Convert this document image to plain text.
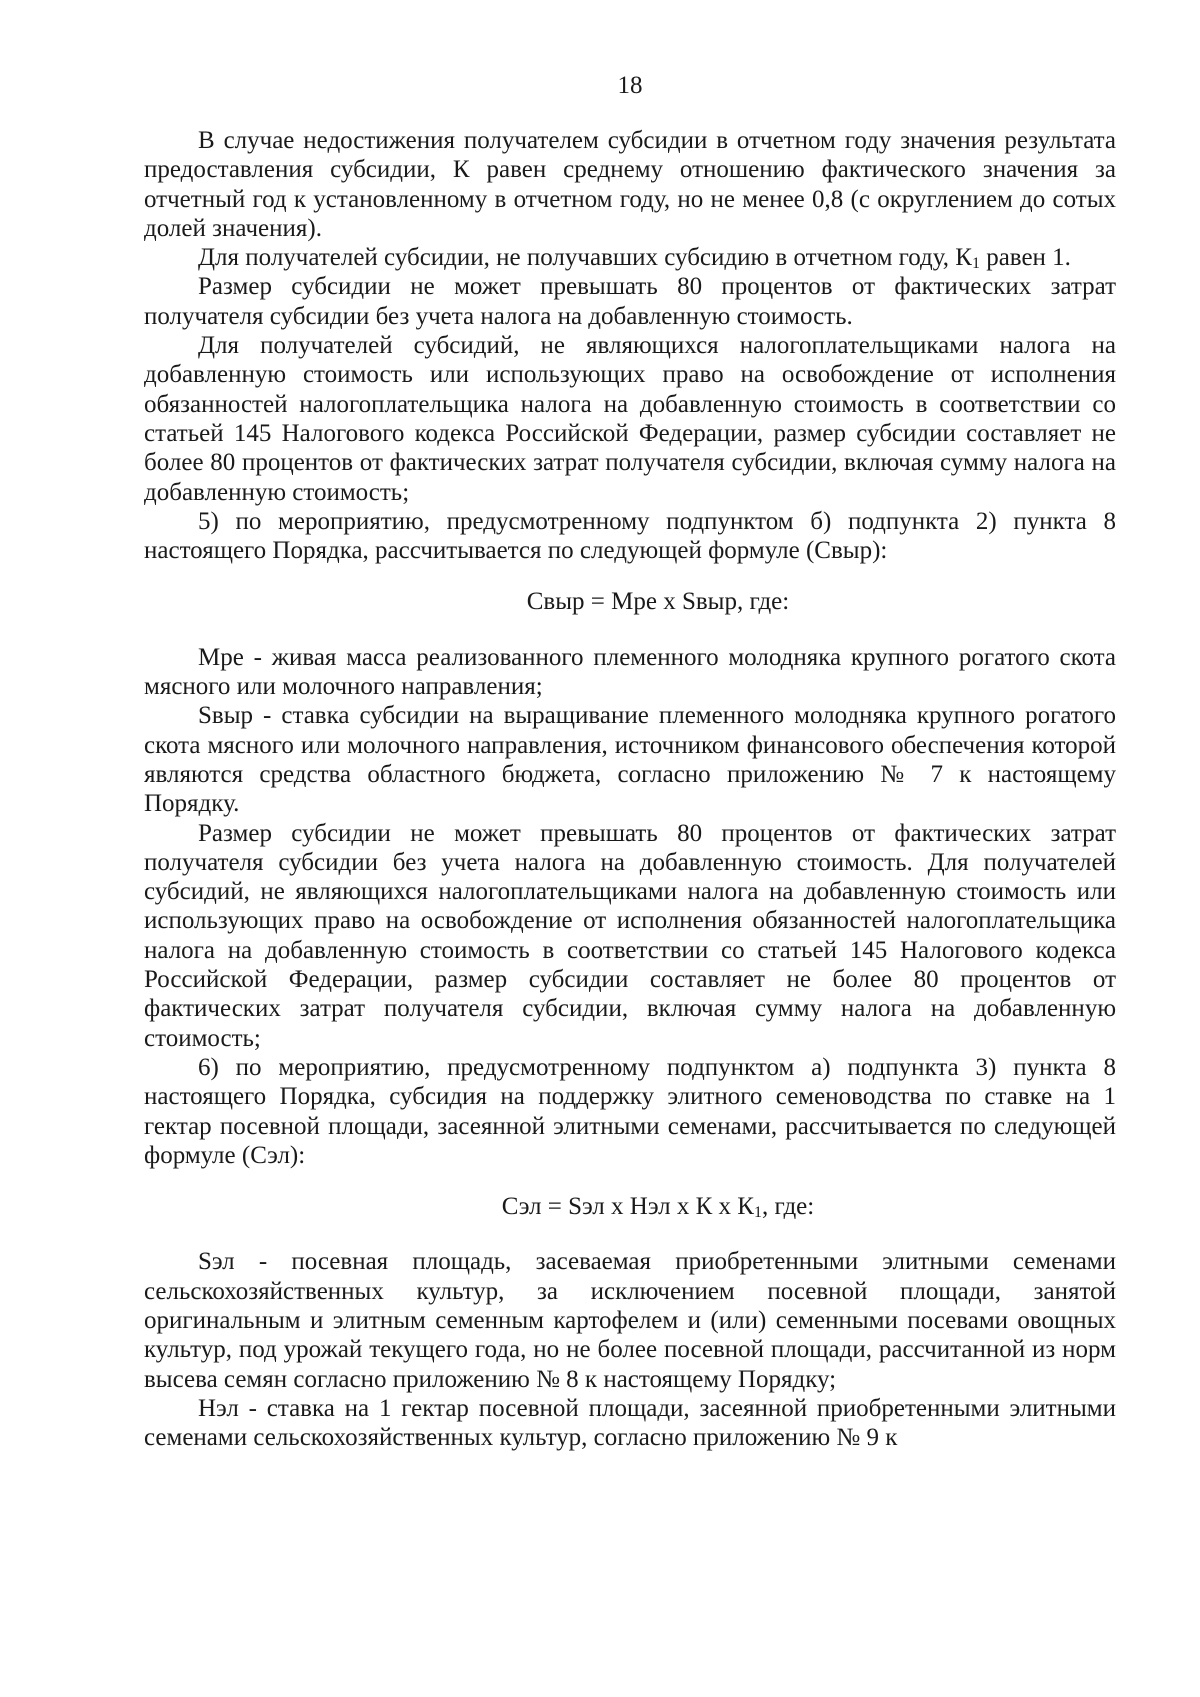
18

В случае недостижения получателем субсидии в отчетном году значения результата предоставления субсидии, К равен среднему отношению фактического значения за отчетный год к установленному в отчетном году, но не менее 0,8 (с округлением до сотых долей значения).

Для получателей субсидии, не получавших субсидию в отчетном году, $К_1$ равен 1.

Размер субсидии не может превышать 80 процентов от фактических затрат получателя субсидии без учета налога на добавленную стоимость.

Для получателей субсидий, не являющихся налогоплательщиками налога на добавленную стоимость или использующих право на освобождение от исполнения обязанностей налогоплательщика налога на добавленную стоимость в соответствии со статьей 145 Налогового кодекса Российской Федерации, размер субсидии составляет не более 80 процентов от фактических затрат получателя субсидии, включая сумму налога на добавленную стоимость;

5) по мероприятию, предусмотренному подпунктом б) подпункта 2) пункта 8 настоящего Порядка, рассчитывается по следующей формуле (Свыр):

Свыр = Мре x Sвыр, где:

Мре - живая масса реализованного племенного молодняка крупного рогатого скота мясного или молочного направления;

Sвыр - ставка субсидии на выращивание племенного молодняка крупного рогатого скота мясного или молочного направления, источником финансового обеспечения которой являются средства областного бюджета, согласно приложению № 7 к настоящему Порядку.

Размер субсидии не может превышать 80 процентов от фактических затрат получателя субсидии без учета налога на добавленную стоимость. Для получателей субсидий, не являющихся налогоплательщиками налога на добавленную стоимость или использующих право на освобождение от исполнения обязанностей налогоплательщика налога на добавленную стоимость в соответствии со статьей 145 Налогового кодекса Российской Федерации, размер субсидии составляет не более 80 процентов от фактических затрат получателя субсидии, включая сумму налога на добавленную стоимость;

6) по мероприятию, предусмотренному подпунктом а) подпункта 3) пункта 8 настоящего Порядка, субсидия на поддержку элитного семеноводства по ставке на 1 гектар посевной площади, засеянной элитными семенами, рассчитывается по следующей формуле (Сэл):

Сэл = Sэл x Нэл x К x $К_1$, где:

Sэл - посевная площадь, засеваемая приобретенными элитными семенами сельскохозяйственных культур, за исключением посевной площади, занятой оригинальным и элитным семенным картофелем и (или) семенными посевами овощных культур, под урожай текущего года, но не более посевной площади, рассчитанной из норм высева семян согласно приложению № 8 к настоящему Порядку;

Нэл - ставка на 1 гектар посевной площади, засеянной приобретенными элитными семенами сельскохозяйственных культур, согласно приложению № 9 к
